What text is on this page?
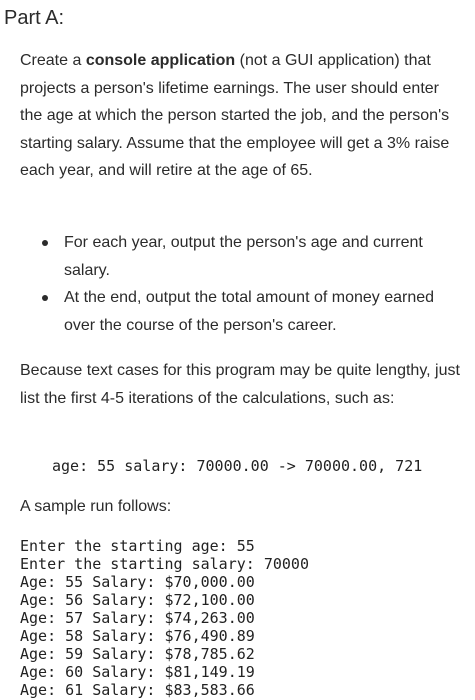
Part A:

Create a console application (not a GUI application) that projects a person's lifetime earnings. The user should enter the age at which the person started the job, and the person's starting salary. Assume that the employee will get a 3% raise each year, and will retire at the age of 65.

For each year, output the person's age and current salary.
At the end, output the total amount of money earned over the course of the person's career.

Because text cases for this program may be quite lengthy, just list the first 4-5 iterations of the calculations, such as:

age: 55 salary: 70000.00 -> 70000.00, 721

A sample run follows:

Enter the starting age: 55
Enter the starting salary: 70000
Age: 55 Salary: $70,000.00
Age: 56 Salary: $72,100.00
Age: 57 Salary: $74,263.00
Age: 58 Salary: $76,490.89
Age: 59 Salary: $78,785.62
Age: 60 Salary: $81,149.19
Age: 61 Salary: $83,583.66
